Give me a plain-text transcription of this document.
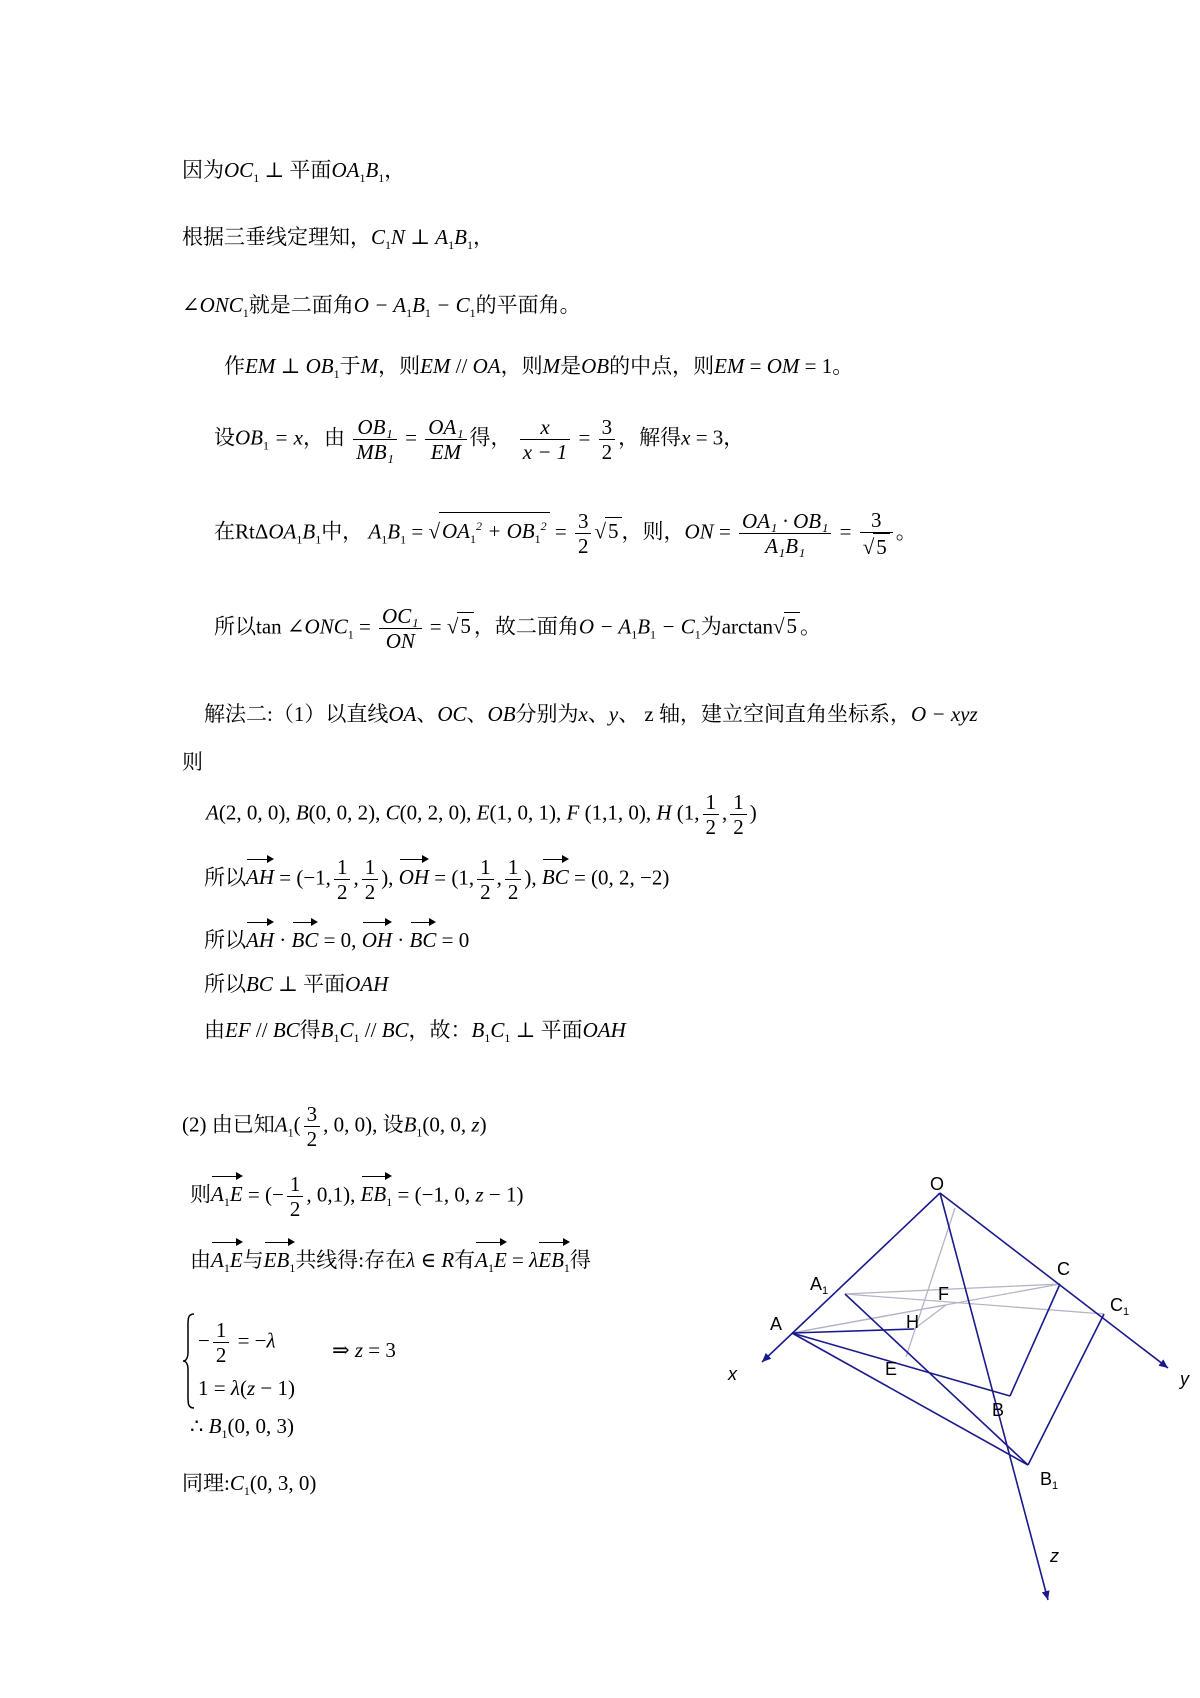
因为$OC_1$ ⊥ 平面$OA_1B_1$，
根据三垂线定理知，$C_1N$ ⊥ $A_1B_1$，
$\angle ONC_1$就是二面角$O - A_1B_1 - C_1$的平面角。
作EM ⊥ $OB_1$于M，则EM // OA，则M是OB的中点，则EM = OM = 1。
设$OB_1 = x$，由 $\frac{\text{OB₁}}{\text{MB₁}} = \frac{\text{OA₁}}{EM}$ 得， $\frac{x}{x - 1} = \frac{3}{2}$ ，解得x = 3，
在$Rt\Delta OA_1B_1$中， $A_1B_1 = √OA_1^2 + OB_1^2 = \frac{3}{2} √5$ ，则，ON = $\frac{\text{OA₁ · OB₁}}{\text{A₁B₁}} = \frac{3}{√5}$ 。
所以$\tan \angle ONC_1 = \frac{\text{OC₁}}{ON} = √5$ ，故二面角$O - A_1B_1 - C_1$为arctan√5 。
解法二:（1）以直线OA、OC、OB分别为x、y、 z 轴，建立空间直角坐标系，O − xyz
则
A(2, 0, 0), B(0, 0, 2), C(0, 2, 0), E(1, 0, 1), F (1,1, 0), H (1, $\frac{1}{2}$ , $\frac{1}{2}$ )
所以AH = (−1, $\frac{1}{2}$ , $\frac{1}{2}$ ), OH = (1, $\frac{1}{2}$ , $\frac{1}{2}$ ), BC = (0, 2, −2)
所以AH · BC = 0, OH · BC = 0
所以BC ⊥ 平面OAH
由EF // BC得$B_1C_1$ // BC，故：$B_1C_1$ ⊥ 平面OAH
(2) 由已知$A_1( \frac{3}{2}$ , 0, 0), 设$B_1(0$, 0, z)
则$A_1E$ = (− $\frac{1}{2}$ , 0,1), $EB_1 = (-1$, 0, z − 1)
由$A_1E$与$EB_1$共线得:存在λ ∈ R有$A_1E = \lambda EB_1$得
− $\frac{1}{2} = -\lambda$	⇒ z = 3
1 = λ(z − 1)
∴ $B_1(0$, 0, 3)
同理$:C_1(0$, 3, 0)
O
$A_1$
A
F
H
C
$C_1$
E
B
$B_1$
x	y
z
